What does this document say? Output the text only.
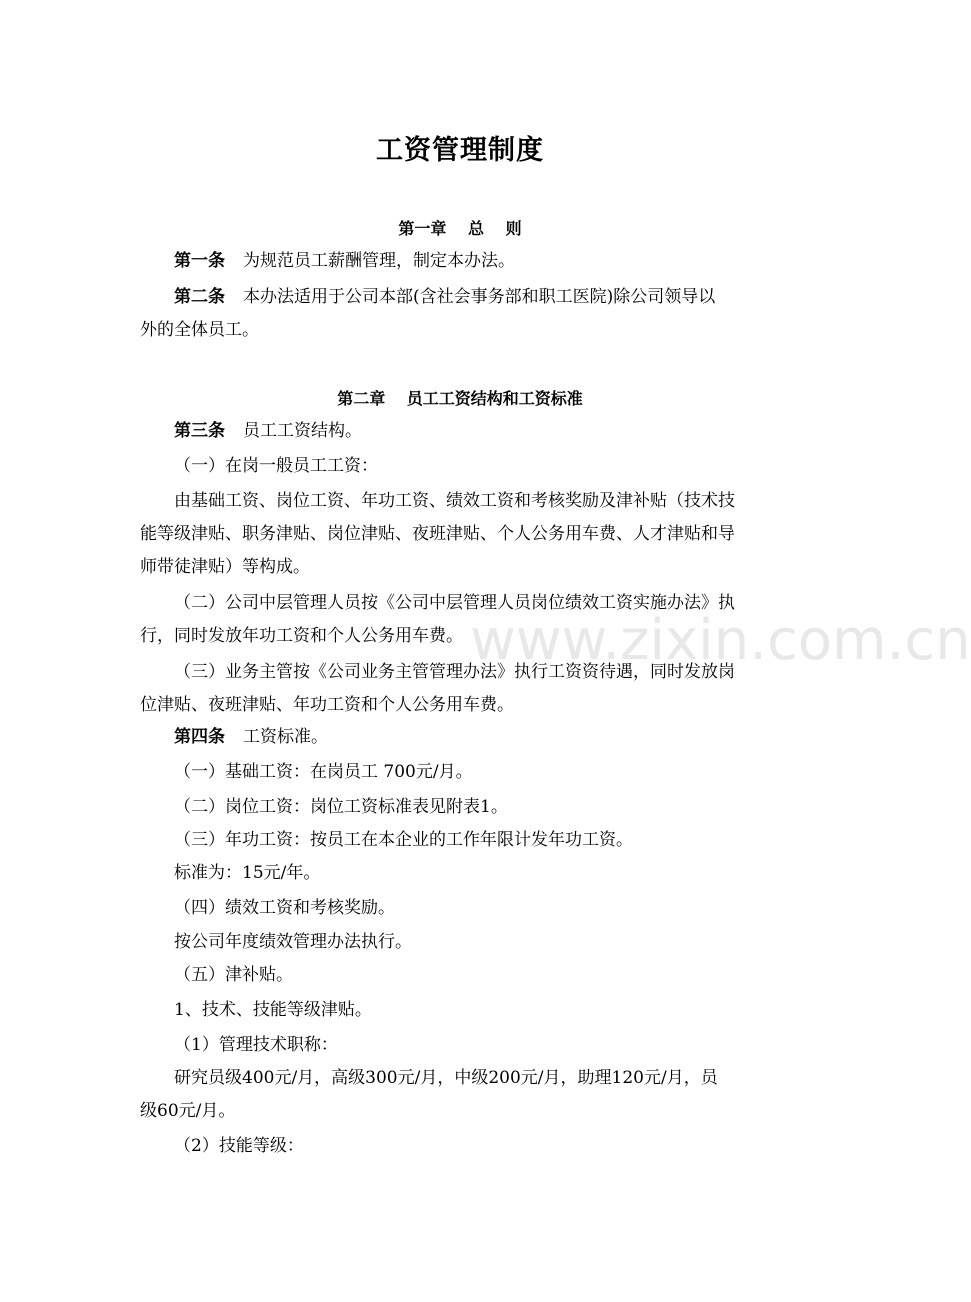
工资管理制度
第一章　 总　 则
第一条 为规范员工薪酬管理，制定本办法。
第二条 本办法适用于公司本部(含社会事务部和职工医院)除公司领导以
外的全体员工。
第二章　 员工工资结构和工资标准
第三条 员工工资结构。
（一）在岗一般员工工资：
由基础工资、岗位工资、年功工资、绩效工资和考核奖励及津补贴（技术技
能等级津贴、职务津贴、岗位津贴、夜班津贴、个人公务用车费、人才津贴和导
师带徒津贴）等构成。
（二）公司中层管理人员按《公司中层管理人员岗位绩效工资实施办法》执
行，同时发放年功工资和个人公务用车费。
（三）业务主管按《公司业务主管管理办法》执行工资资待遇，同时发放岗
位津贴、夜班津贴、年功工资和个人公务用车费。
第四条 工资标准。
（一）基础工资：在岗员工 700元/月。
（二）岗位工资：岗位工资标准表见附表1。
（三）年功工资：按员工在本企业的工作年限计发年功工资。
标准为：15元/年。
（四）绩效工资和考核奖励。
按公司年度绩效管理办法执行。
（五）津补贴。
1、技术、技能等级津贴。
（1）管理技术职称：
研究员级400元/月，高级300元/月，中级200元/月，助理120元/月，员
级60元/月。
（2）技能等级：
www.zixin.com.cn
